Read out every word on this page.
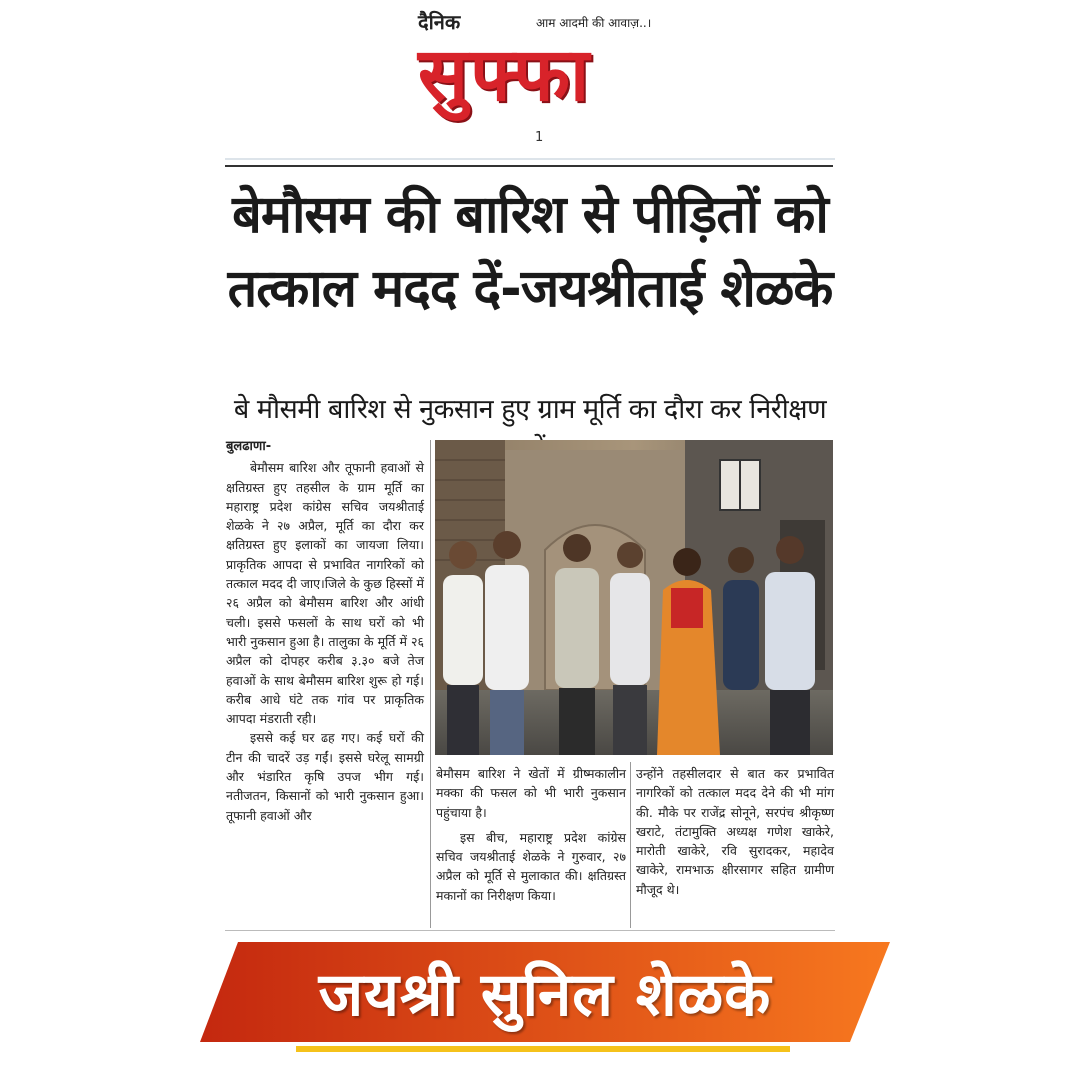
दैनिक	आम आदमी की आवाज़..।
सुफ्फा
1
बेमौसम की बारिश से पीड़ितों को
तत्काल मदद दें-जयश्रीताई शेळके
बे मौसमी बारिश से नुकसान हुए ग्राम मूर्ति का दौरा कर निरीक्षण
बुलढाणा-

बेमौसम बारिश और तूफानी हवाओं से क्षतिग्रस्त हुए तहसील के ग्राम मूर्ति का महाराष्ट्र प्रदेश कांग्रेस सचिव जयश्रीताई शेळके ने २७ अप्रैल, मूर्ति का दौरा कर क्षतिग्रस्त हुए इलाकों का जायजा लिया।प्राकृतिक आपदा से प्रभावित नागरिकों को तत्काल मदद दी जाए।जिले के कुछ हिस्सों में २६ अप्रैल को बेमौसम बारिश और आंधी चली। इससे फसलों के साथ घरों को भी भारी नुकसान हुआ है। तालुका के मूर्ति में २६ अप्रैल को दोपहर करीब ३.३० बजे तेज हवाओं के साथ बेमौसम बारिश शुरू हो गई। करीब आधे घंटे तक गांव पर प्राकृतिक आपदा मंडराती रही।

इससे कई घर ढह गए। कई घरों की टीन की चादरें उड़ गईं। इससे घरेलू सामग्री और भंडारित कृषि उपज भीग गई। नतीजतन, किसानों को भारी नुकसान हुआ। तूफानी हवाओं और

बेमौसम बारिश ने खेतों में ग्रीष्मकालीन मक्का की फसल को भी भारी नुकसान पहुंचाया है।

इस बीच, महाराष्ट्र प्रदेश कांग्रेस सचिव जयश्रीताई शेळके ने गुरुवार, २७ अप्रैल को मूर्ति से मुलाकात की। क्षतिग्रस्त मकानों का निरीक्षण किया।

उन्होंने तहसीलदार से बात कर प्रभावित नागरिकों को तत्काल मदद देने की भी मांग की. मौके पर राजेंद्र सोनूने, सरपंच श्रीकृष्ण खराटे, तंटामुक्ति अध्यक्ष गणेश खाकेरे, मारोती खाकेरे, रवि सुरादकर, महादेव खाकेरे, रामभाऊ क्षीरसागर सहित ग्रामीण मौजूद थे।

जयश्री सुनिल शेळके
